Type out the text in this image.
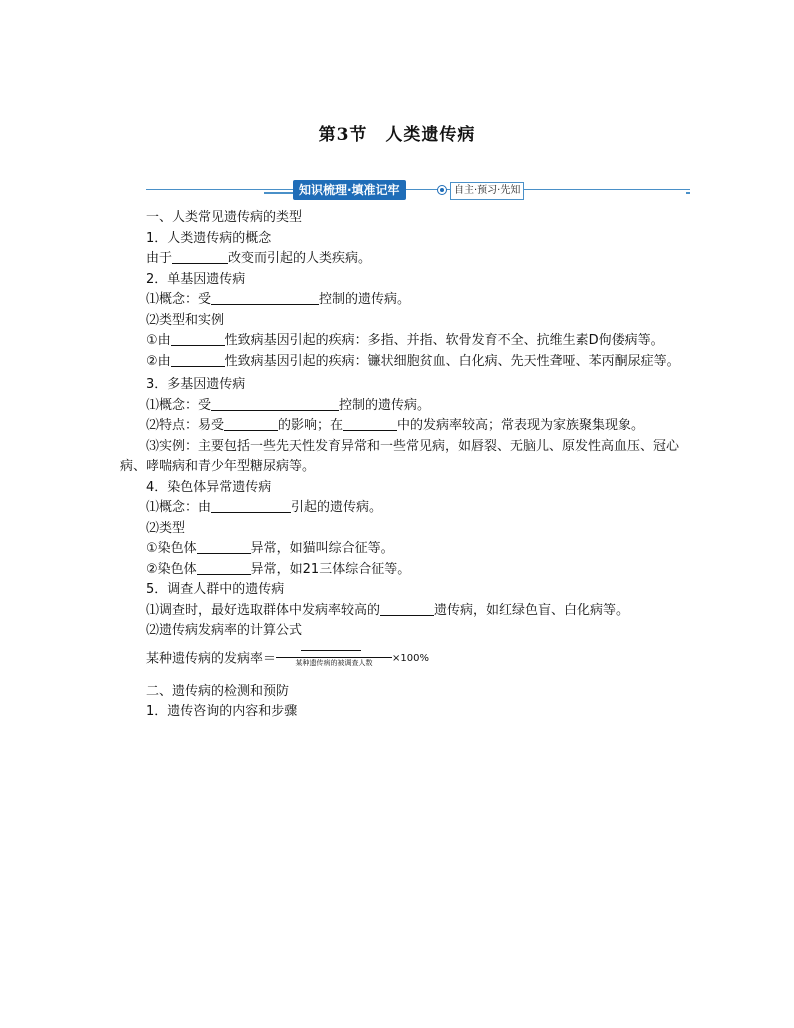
第3节　人类遗传病
知识梳理·填准记牢	自主·预习·先知

一、人类常见遗传病的类型

1．人类遗传病的概念

由于	改变而引起的人类疾病。

2．单基因遗传病

⑴概念：受	控制的遗传病。

⑵类型和实例

①由	性致病基因引起的疾病：多指、并指、软骨发育不全、抗维生素D佝偻病等。

②由	性致病基因引起的疾病：镰状细胞贫血、白化病、先天性聋哑、苯丙酮尿症等。

3．多基因遗传病

⑴概念：受	控制的遗传病。

⑵特点：易受	的影响；在	中的发病率较高；常表现为家族聚集现象。

⑶实例：主要包括一些先天性发育异常和一些常见病，如唇裂、无脑儿、原发性高血压、冠心病、哮喘病和青少年型糖尿病等。

4．染色体异常遗传病

⑴概念：由	引起的遗传病。

⑵类型

①染色体	异常，如猫叫综合征等。

②染色体	异常，如21三体综合征等。

5．调查人群中的遗传病

⑴调查时，最好选取群体中发病率较高的	遗传病，如红绿色盲、白化病等。

⑵遗传病发病率的计算公式

某种遗传病的发病率＝	某种遗传病的被调查人数	×100%

二、遗传病的检测和预防

1．遗传咨询的内容和步骤
